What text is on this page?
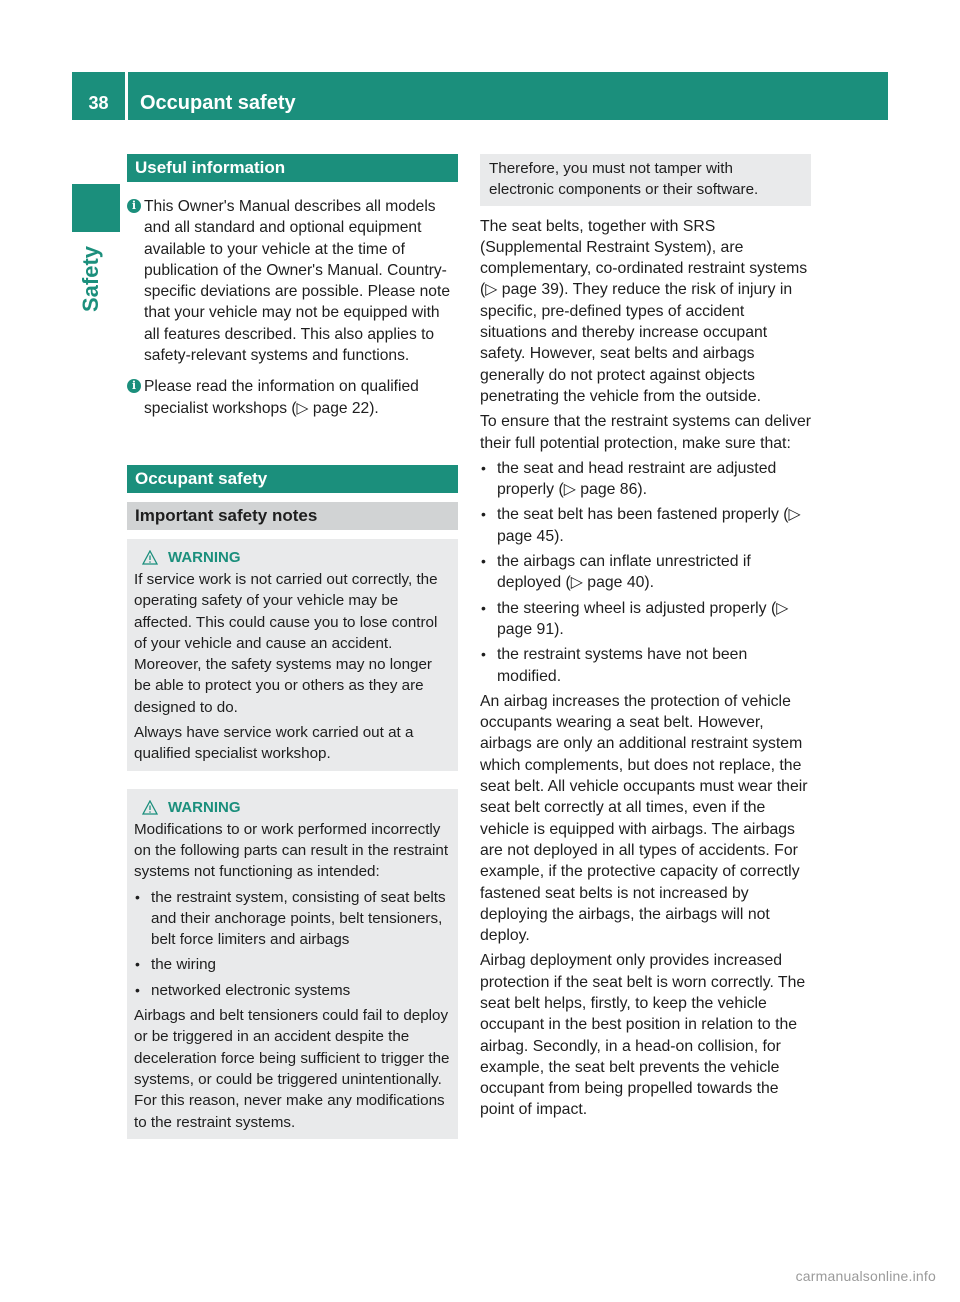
38	Occupant safety
Safety
Useful information
i This Owner's Manual describes all models and all standard and optional equipment available to your vehicle at the time of publication of the Owner's Manual. Country-specific deviations are possible. Please note that your vehicle may not be equipped with all features described. This also applies to safety-relevant systems and functions.
i Please read the information on qualified specialist workshops (▷ page 22).
Occupant safety
Important safety notes
WARNING

If service work is not carried out correctly, the operating safety of your vehicle may be affected. This could cause you to lose control of your vehicle and cause an accident. Moreover, the safety systems may no longer be able to protect you or others as they are designed to do.

Always have service work carried out at a qualified specialist workshop.

WARNING

Modifications to or work performed incorrectly on the following parts can result in the restraint systems not functioning as intended:

• the restraint system, consisting of seat belts and their anchorage points, belt tensioners, belt force limiters and airbags
• the wiring
• networked electronic systems

Airbags and belt tensioners could fail to deploy or be triggered in an accident despite the deceleration force being sufficient to trigger the systems, or could be triggered unintentionally. For this reason, never make any modifications to the restraint systems.

Therefore, you must not tamper with electronic components or their software.

The seat belts, together with SRS (Supplemental Restraint System), are complementary, co-ordinated restraint systems (▷ page 39). They reduce the risk of injury in specific, pre-defined types of accident situations and thereby increase occupant safety. However, seat belts and airbags generally do not protect against objects penetrating the vehicle from the outside.

To ensure that the restraint systems can deliver their full potential protection, make sure that:

• the seat and head restraint are adjusted properly (▷ page 86).
• the seat belt has been fastened properly (▷ page 45).
• the airbags can inflate unrestricted if deployed (▷ page 40).
• the steering wheel is adjusted properly (▷ page 91).
• the restraint systems have not been modified.

An airbag increases the protection of vehicle occupants wearing a seat belt. However, airbags are only an additional restraint system which complements, but does not replace, the seat belt. All vehicle occupants must wear their seat belt correctly at all times, even if the vehicle is equipped with airbags. The airbags are not deployed in all types of accidents. For example, if the protective capacity of correctly fastened seat belts is not increased by deploying the airbags, the airbags will not deploy.

Airbag deployment only provides increased protection if the seat belt is worn correctly. The seat belt helps, firstly, to keep the vehicle occupant in the best position in relation to the airbag. Secondly, in a head-on collision, for example, the seat belt prevents the vehicle occupant from being propelled towards the point of impact.

carmanualsonline.info
